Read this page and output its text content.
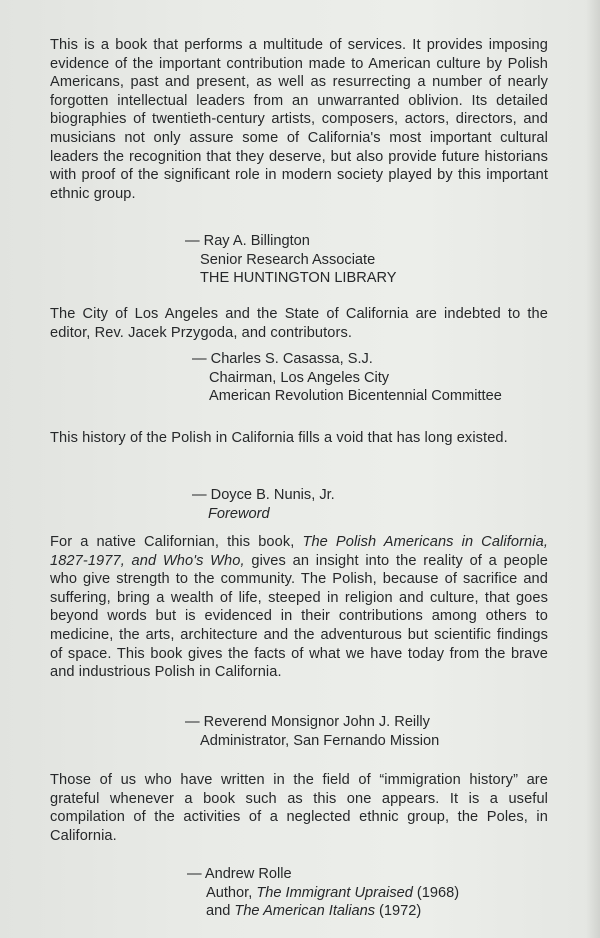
This is a book that performs a multitude of services. It provides imposing evidence of the important contribution made to American culture by Polish Americans, past and present, as well as resurrecting a number of nearly forgotten intellectual leaders from an unwarranted oblivion. Its detailed biographies of twentieth-century artists, composers, actors, directors, and musicians not only assure some of California's most important cultural leaders the recognition that they deserve, but also provide future historians with proof of the significant role in modern society played by this important ethnic group.

— Ray A. Billington
Senior Research Associate
THE HUNTINGTON LIBRARY

The City of Los Angeles and the State of California are indebted to the editor, Rev. Jacek Przygoda, and contributors.

— Charles S. Casassa, S.J.
Chairman, Los Angeles City
American Revolution Bicentennial Committee

This history of the Polish in California fills a void that has long existed.

— Doyce B. Nunis, Jr.
Foreword

For a native Californian, this book, The Polish Americans in California, 1827-1977, and Who's Who, gives an insight into the reality of a people who give strength to the community. The Polish, because of sacrifice and suffering, bring a wealth of life, steeped in religion and culture, that goes beyond words but is evidenced in their contributions among others to medicine, the arts, architecture and the adventurous but scientific findings of space. This book gives the facts of what we have today from the brave and industrious Polish in California.

— Reverend Monsignor John J. Reilly
Administrator, San Fernando Mission

Those of us who have written in the field of “immigration history” are grateful whenever a book such as this one appears. It is a useful compilation of the activities of a neglected ethnic group, the Poles, in California.

— Andrew Rolle
Author, The Immigrant Upraised (1968)
and The American Italians (1972)
